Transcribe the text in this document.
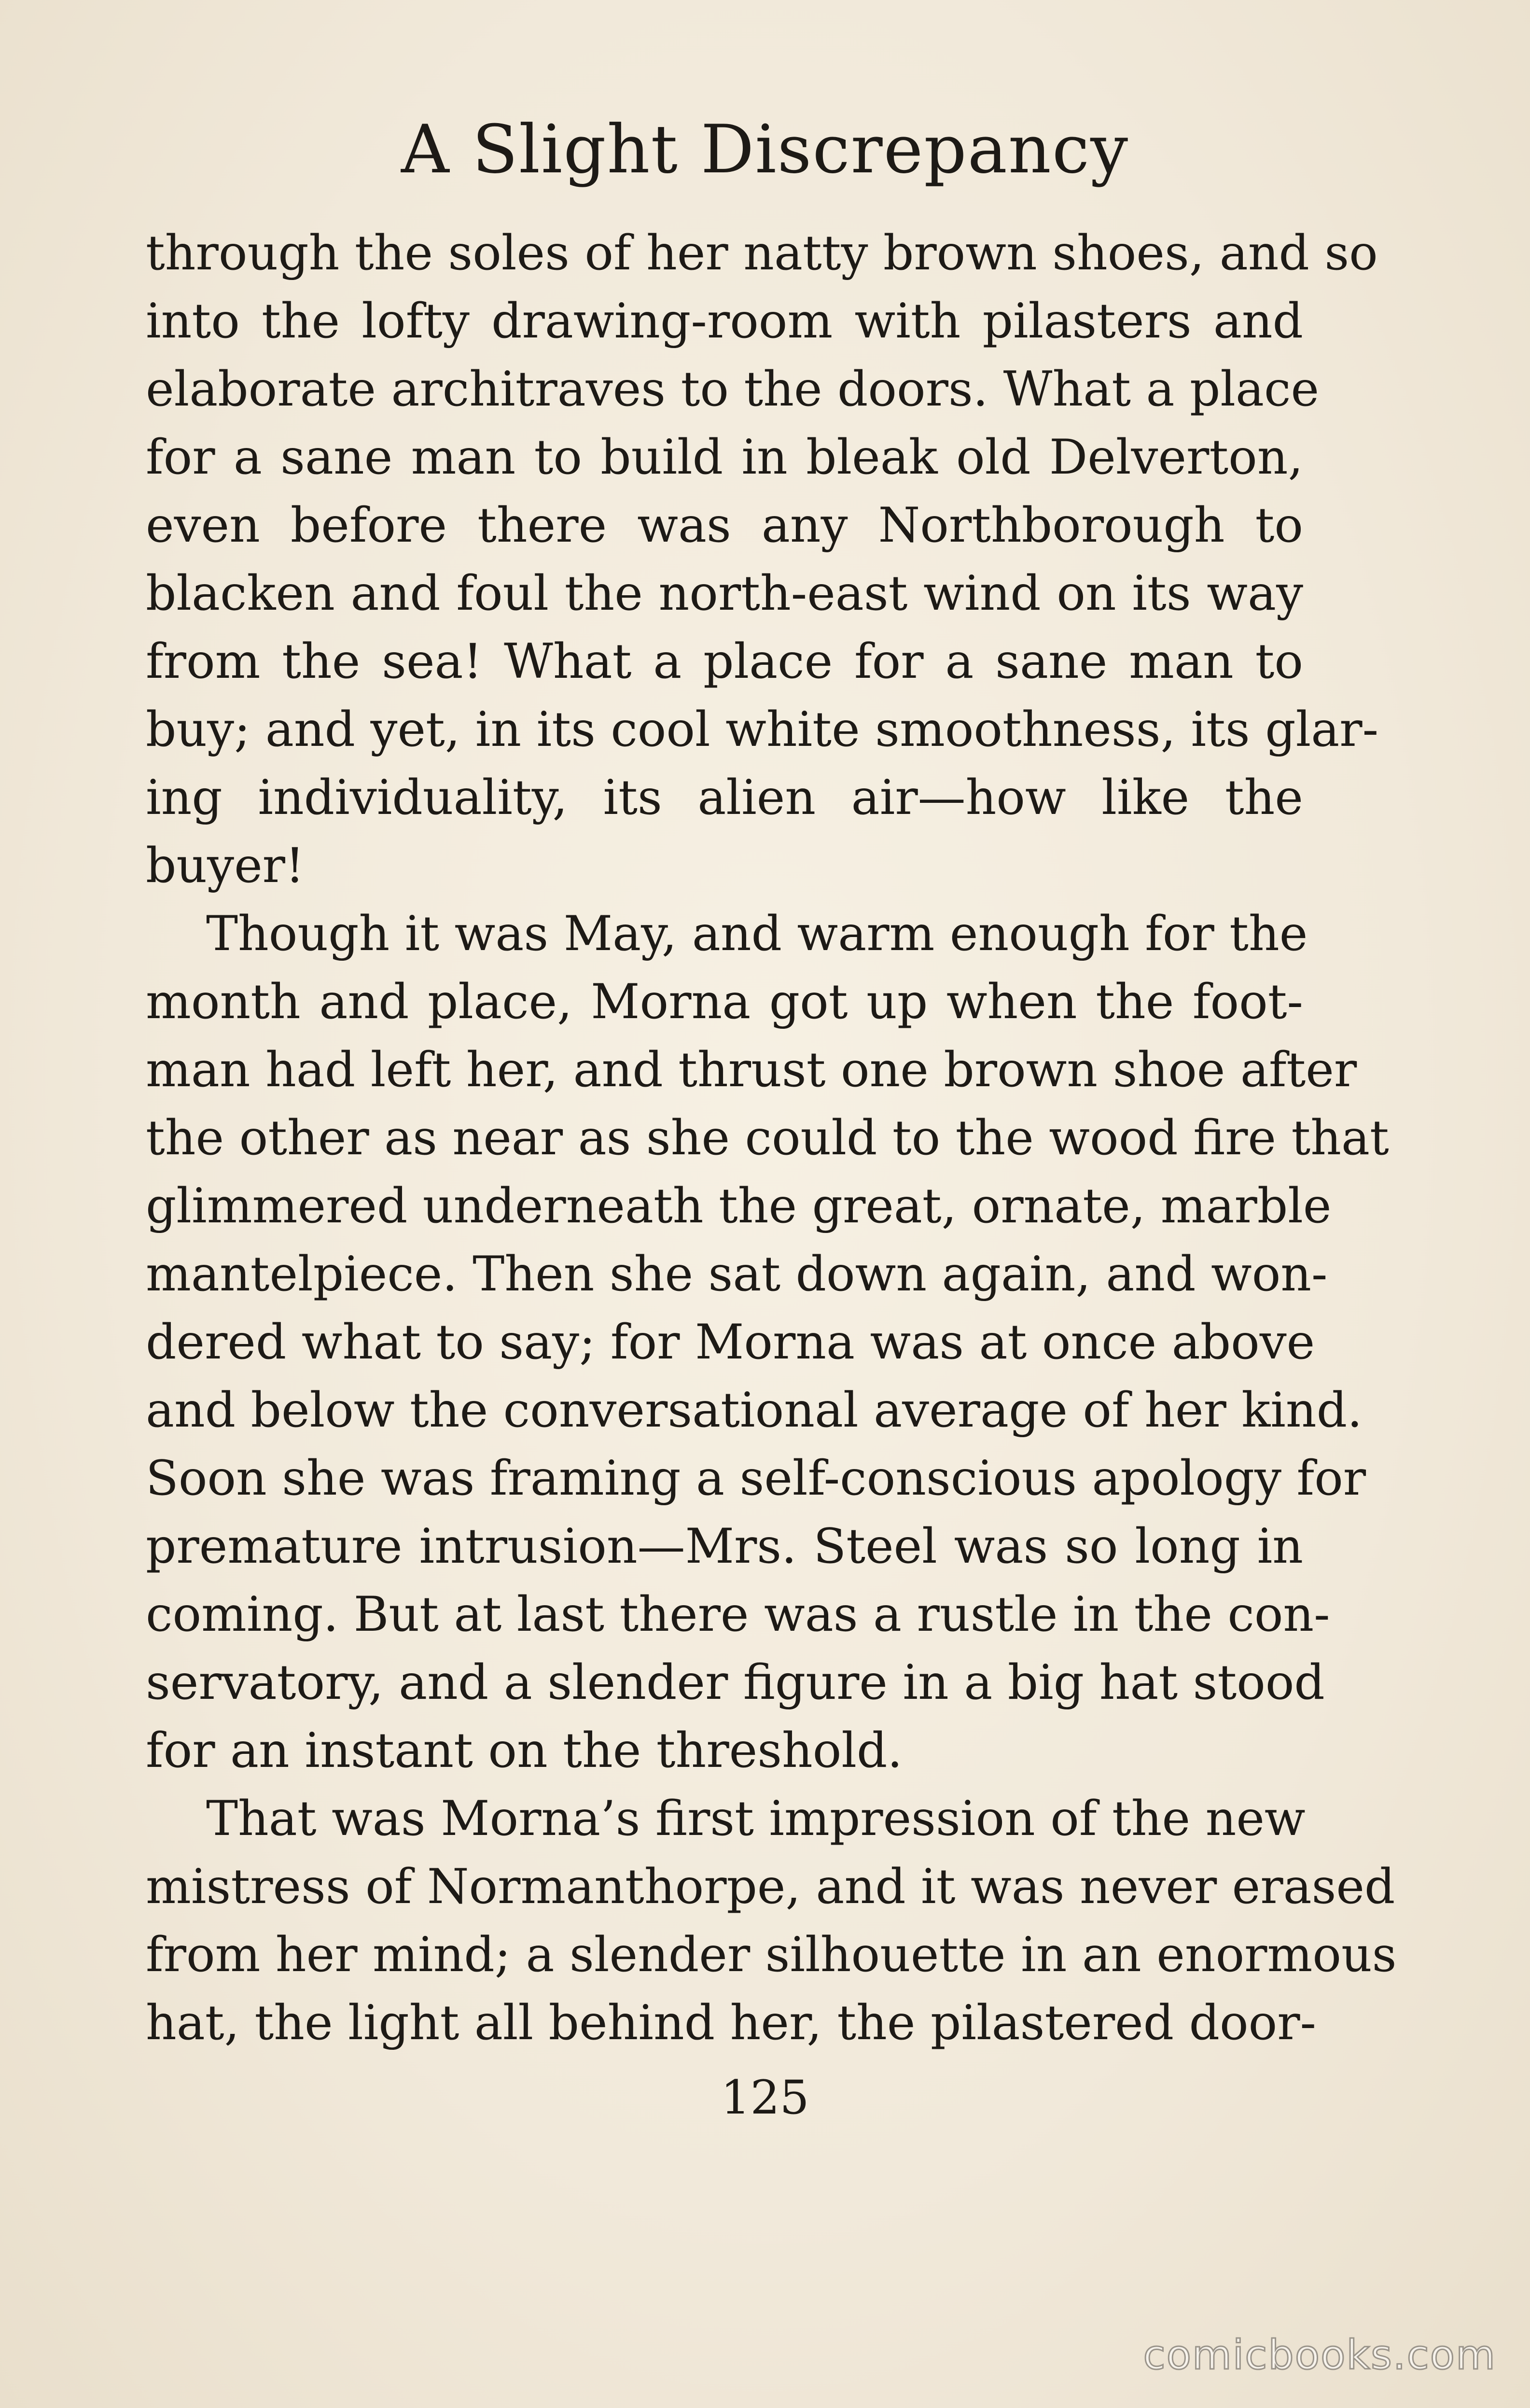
A Slight Discrepancy
through the soles of her natty brown shoes, and so
into the lofty drawing-room with pilasters and
elaborate architraves to the doors. What a place
for a sane man to build in bleak old Delverton,
even before there was any Northborough to
blacken and foul the north-east wind on its way
from the sea! What a place for a sane man to
buy; and yet, in its cool white smoothness, its glar-
ing individuality, its alien air—how like the
buyer!
Though it was May, and warm enough for the
month and place, Morna got up when the foot-
man had left her, and thrust one brown shoe after
the other as near as she could to the wood fire that
glimmered underneath the great, ornate, marble
mantelpiece. Then she sat down again, and won-
dered what to say; for Morna was at once above
and below the conversational average of her kind.
Soon she was framing a self-conscious apology for
premature intrusion—Mrs. Steel was so long in
coming. But at last there was a rustle in the con-
servatory, and a slender figure in a big hat stood
for an instant on the threshold.
That was Morna’s first impression of the new
mistress of Normanthorpe, and it was never erased
from her mind; a slender silhouette in an enormous
hat, the light all behind her, the pilastered door-
125
comicbooks.com
